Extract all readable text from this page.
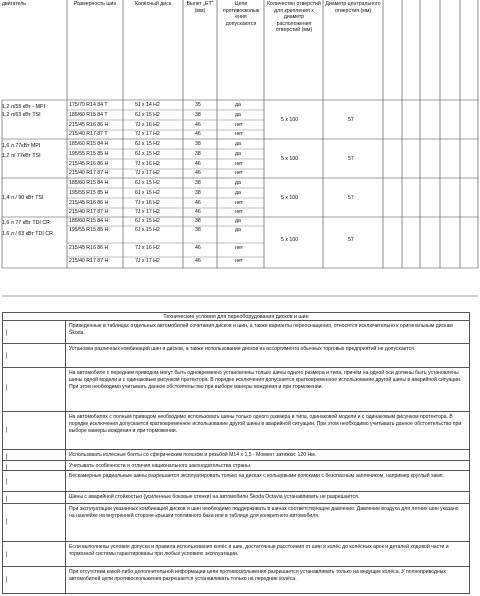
двигатель	Размерность шин	Колёсный диск	Вылет „ET“ (мм)
Цепи противоскольж ения допускаются
Количество отверстий для крепления x диаметр расположения отверстий (мм)
Диаметр центрального отверстия (мм)
1,2 л/55 кВт - MPI
1,2 л/63 кВт TSI
175/70 R14 84 T	5J x 14 H2	35	да
185/60 R15 84 T	6J x 15 H2	38	да
215/45 R16 86 H	7J x 16 H2	46	нет
215/40 R17 87 T	7J x 17 H2	46	нет
5 x 100	57
1,6 л 77кВт MPI
1,2 л/ 77кВт TSI
185/60 R15 84 H	6J x 15 H2	38	да
195/55 R15 85 H	6J x 15 H2	38	да
215/45 R16 86 H	7J x 16 H2	46	нет
215/40 R17 87 H	7J x 17 H2	46	нет
5 x 100	57
1,4 л / 90 кВт TSI
185/60 R15 84 H	6J x 15 H2	38	да
195/55 R15 85 H	6J x 15 H2	38	да
215/45 R16 86 H	7J x 16 H2	46	нет
215/40 R17 87 H	7J x 17 H2	46	нет
5 x 100	57
1,6 л 77 кВт TDI CR
1.6 л / 63 кВт TDI CR
185/60 R15 84 H	6J x 15 H2	38	да
195/55 R15 85 H	6J x 15 H2	38	да
215/45 R16 86 H	7J x 16 H2	46	нет
215/40 R17 87 H	7J x 17 H2	46	нет
5 x 100	57
Технические условия для переоборудования дисков и шин
|
Приведенные в таблицах отдельных автомобилей сочетания дисков и шин, а также варианты переоснащения, относятся исключительно к оригинальным дискам Škoda.
|
Установка различных комбинаций шин и дисков, а также использование дисков из ассортимента обычных торговых предприятий не допускается.
|
На автомобиле с передним приводом могут быть одновременно установлены только шины одного размера и типа, причём на одной оси должны быть установлены шины одной модели и с одинаковым рисунком протектора. В порядке исключения допускается кратковременное использование другой шины в аварийной ситуации. При этом необходимо учитывать данное обстоятельство при выборе манеры вождения и при торможении.
|
На автомобилях с полным приводом необходимо использовать шины только одного размера и типа, одинаковой модели и с одинаковым рисунком протектора. В порядке исключения допускается кратковременное использование другой шины в аварийной ситуации. При этом необходимо учитывать данное обстоятельство при выборе манеры вождения и при торможении.
|	Использовать колёсные болты со сферическим пояском и резьбой M14 x 1,5 - Момент затяжки: 120 Нм.
|	Учитывать особенности и отличия национального законодательства страны.
|
Бескамерные радиальные шины разрешается эксплуатировать только на дисках с кольцевыми поясками с безопасным заплечиком, например круглый хамп.
|	Шины с аварийной стойкостью (усиленные боковые стенки) на автомобили Škoda Octavia устанавливать не разрешается.
|
При эксплуатации указанных комбинаций дисков и шин необходимо поддерживать в шинах соответствующее давление. Давление воздуха для летних шин указано на наклейке на внутренней стороне крышки топливного бака или в таблице для конкретного автомобиля.
|
Если выполнены условия допуска и правила использования колёс и шин, достаточные расстояния от шин и колёс до колёсных арок и деталей ходовой части и тормозной системы гарантированы при любых условиях эксплуатации.
|
При отсутствии какой-либо дополнительной информации цепи противоскольжения разрешается устанавливать только на ведущие колёса. У полноприводных автомобилей цепи противоскольжения разрешается устанавливать только на передние колёса.
